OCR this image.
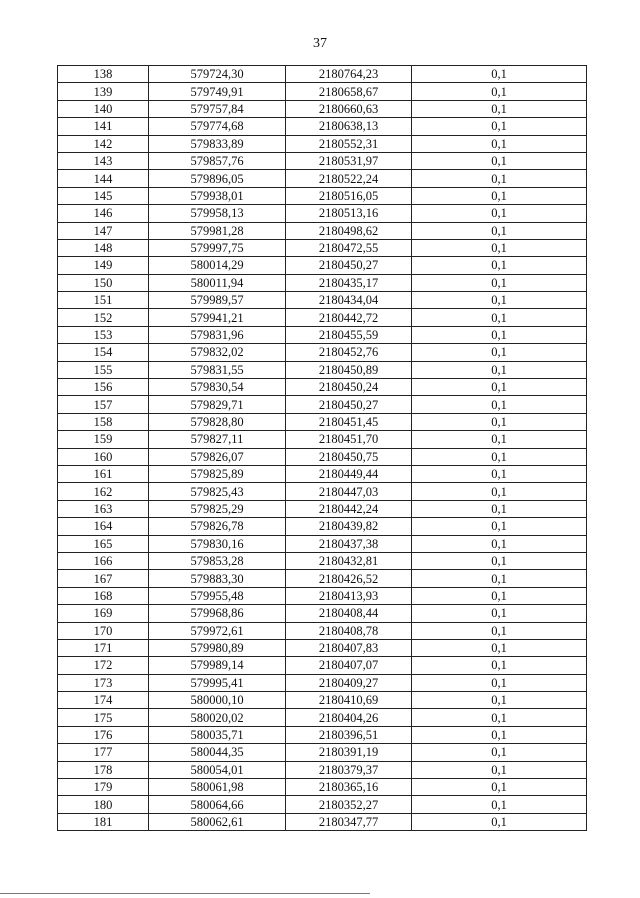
37
138	579724,30	2180764,23	0,1
139	579749,91	2180658,67	0,1
140	579757,84	2180660,63	0,1
141	579774,68	2180638,13	0,1
142	579833,89	2180552,31	0,1
143	579857,76	2180531,97	0,1
144	579896,05	2180522,24	0,1
145	579938,01	2180516,05	0,1
146	579958,13	2180513,16	0,1
147	579981,28	2180498,62	0,1
148	579997,75	2180472,55	0,1
149	580014,29	2180450,27	0,1
150	580011,94	2180435,17	0,1
151	579989,57	2180434,04	0,1
152	579941,21	2180442,72	0,1
153	579831,96	2180455,59	0,1
154	579832,02	2180452,76	0,1
155	579831,55	2180450,89	0,1
156	579830,54	2180450,24	0,1
157	579829,71	2180450,27	0,1
158	579828,80	2180451,45	0,1
159	579827,11	2180451,70	0,1
160	579826,07	2180450,75	0,1
161	579825,89	2180449,44	0,1
162	579825,43	2180447,03	0,1
163	579825,29	2180442,24	0,1
164	579826,78	2180439,82	0,1
165	579830,16	2180437,38	0,1
166	579853,28	2180432,81	0,1
167	579883,30	2180426,52	0,1
168	579955,48	2180413,93	0,1
169	579968,86	2180408,44	0,1
170	579972,61	2180408,78	0,1
171	579980,89	2180407,83	0,1
172	579989,14	2180407,07	0,1
173	579995,41	2180409,27	0,1
174	580000,10	2180410,69	0,1
175	580020,02	2180404,26	0,1
176	580035,71	2180396,51	0,1
177	580044,35	2180391,19	0,1
178	580054,01	2180379,37	0,1
179	580061,98	2180365,16	0,1
180	580064,66	2180352,27	0,1
181	580062,61	2180347,77	0,1
